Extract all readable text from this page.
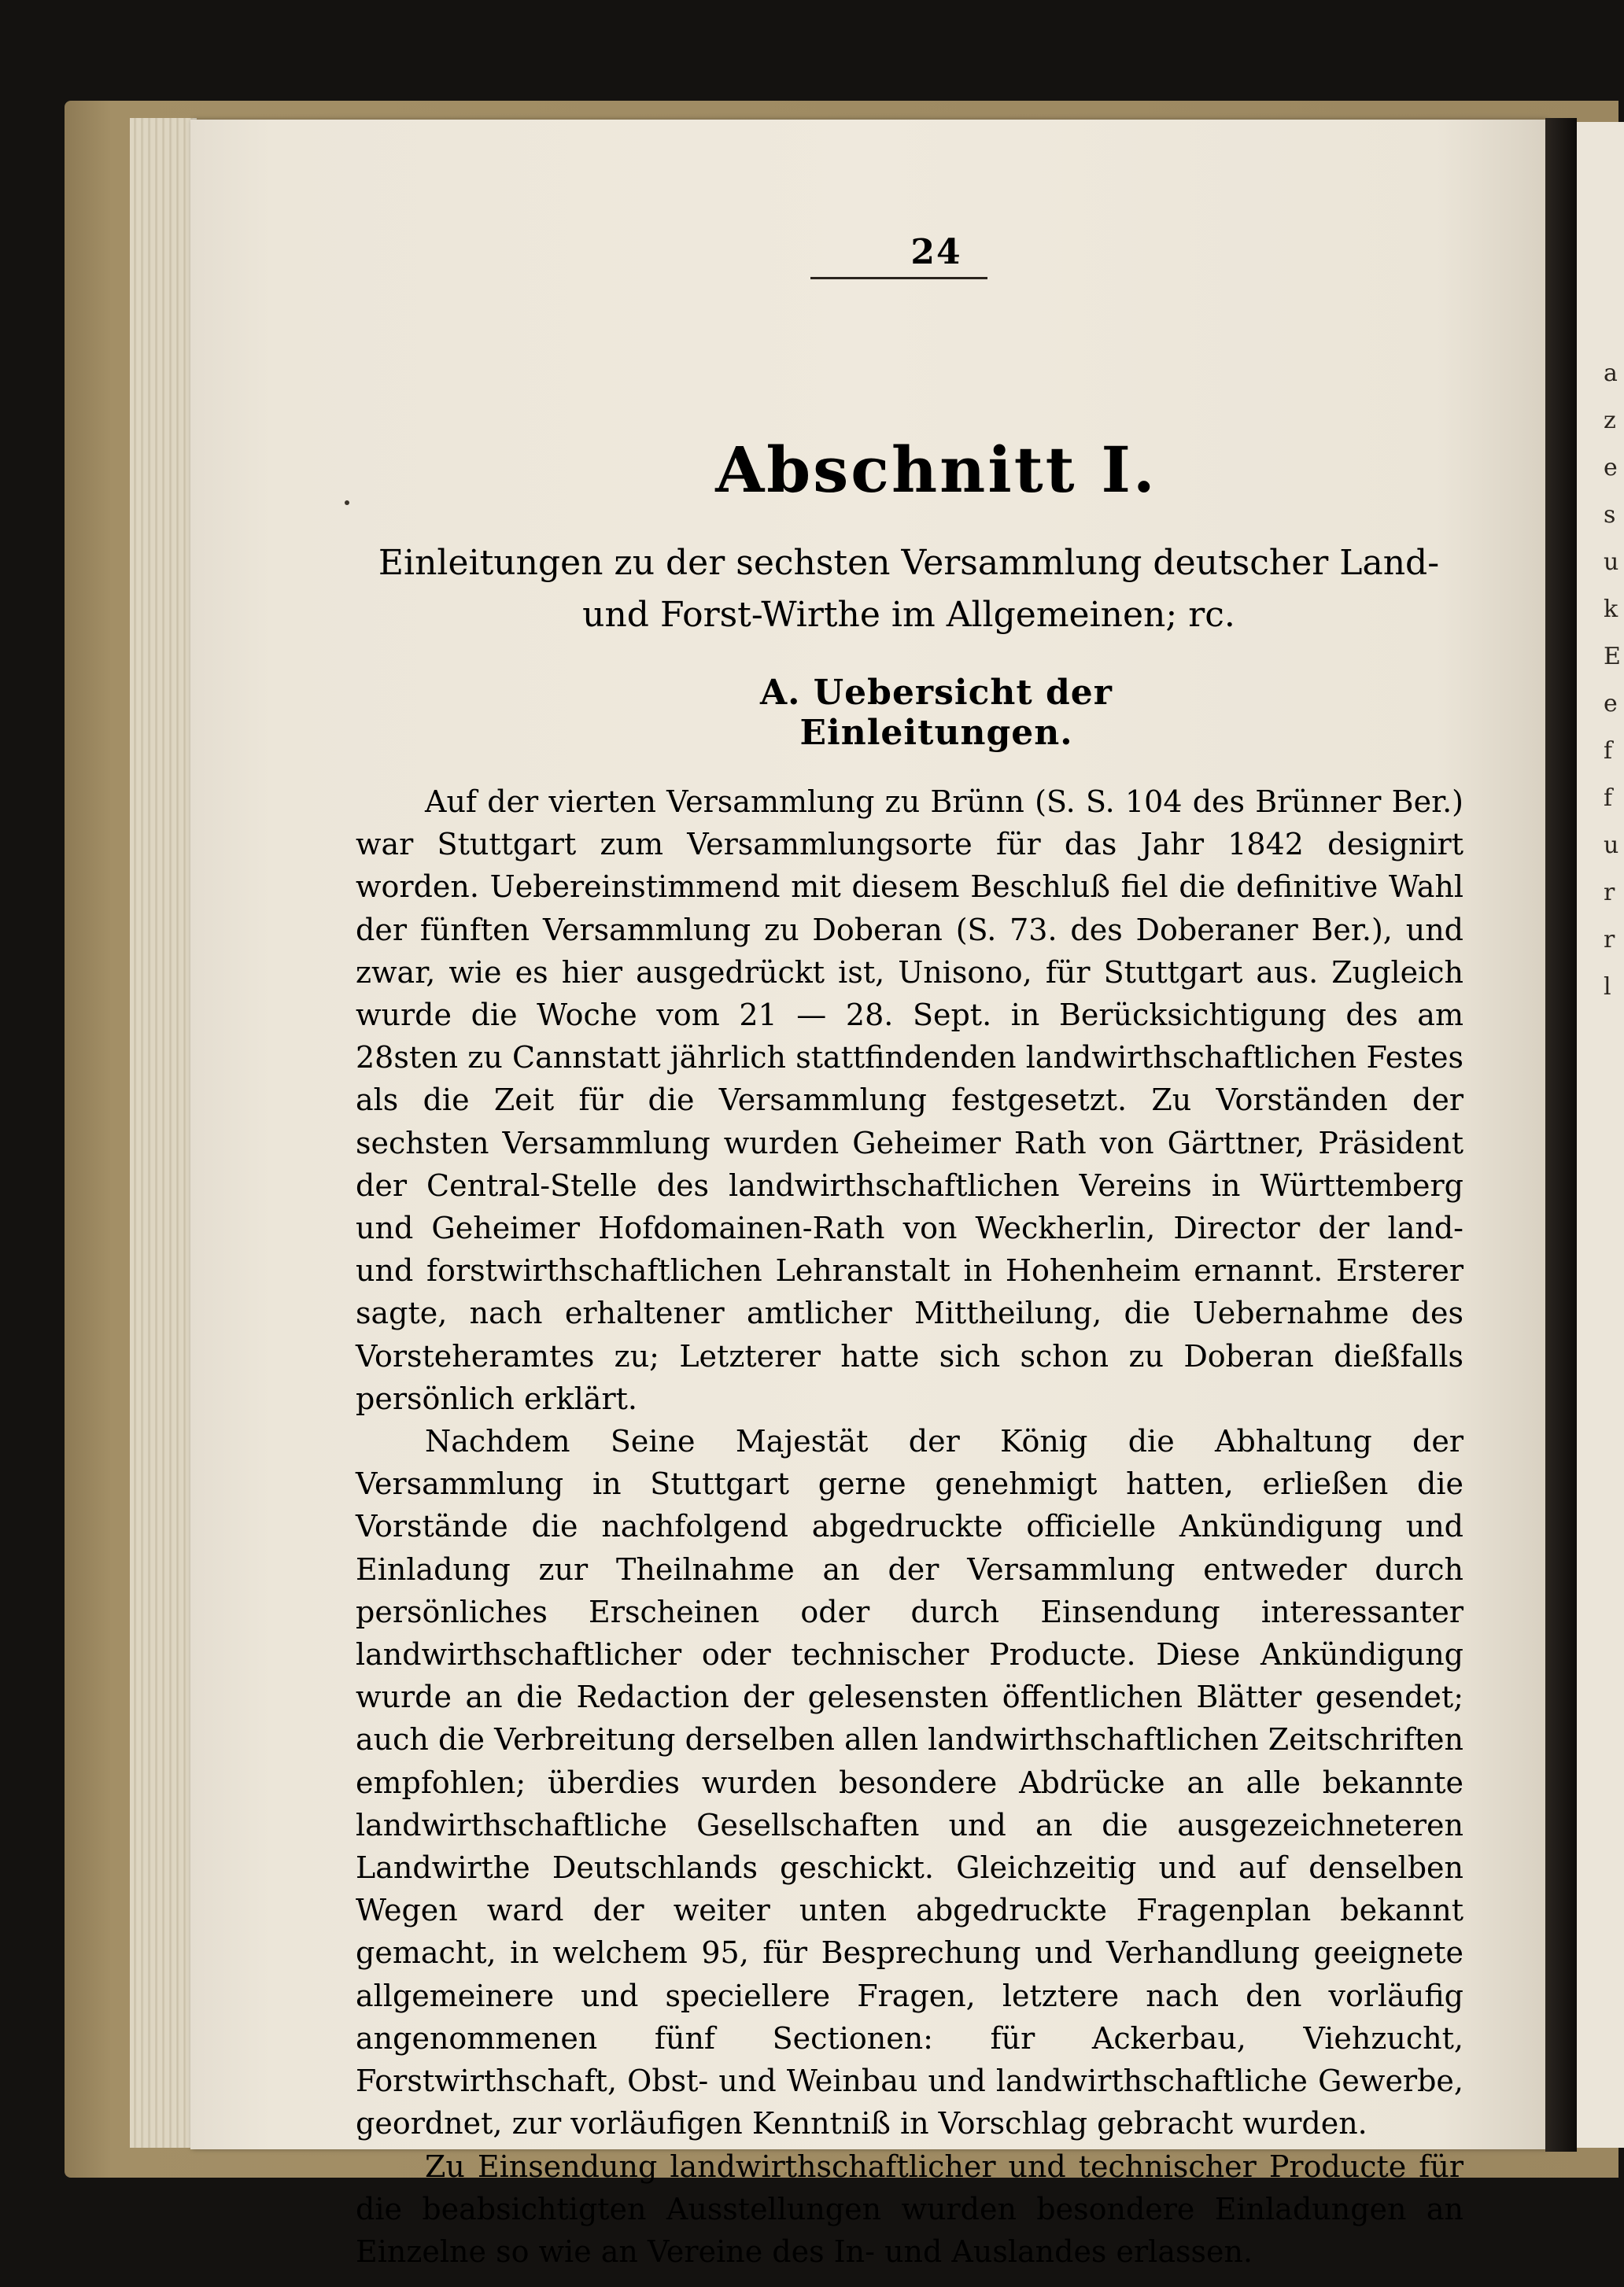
a
z
e
s
u
k
E
e
f
f
u
r
r
l
24
Abschnitt I.
Einleitungen zu der sechsten Versammlung deutscher Land- und Forst-Wirthe im Allgemeinen; rc.
A. Uebersicht der Einleitungen.

Auf der vierten Versammlung zu Brünn (S. S. 104 des Brünner Ber.) war Stuttgart zum Versammlungsorte für das Jahr 1842 designirt worden. Uebereinstimmend mit diesem Beschluß fiel die definitive Wahl der fünften Versammlung zu Doberan (S. 73. des Doberaner Ber.), und zwar, wie es hier ausgedrückt ist, Unisono, für Stuttgart aus. Zugleich wurde die Woche vom 21 — 28. Sept. in Berücksichtigung des am 28sten zu Cannstatt jährlich stattfindenden landwirthschaftlichen Festes als die Zeit für die Versammlung festgesetzt. Zu Vorständen der sechsten Versammlung wurden Geheimer Rath von Gärttner, Präsident der Central-Stelle des landwirthschaftlichen Vereins in Württemberg und Geheimer Hofdomainen-Rath von Weckherlin, Director der land- und forstwirthschaftlichen Lehranstalt in Hohenheim ernannt. Ersterer sagte, nach erhaltener amtlicher Mittheilung, die Uebernahme des Vorsteheramtes zu; Letzterer hatte sich schon zu Doberan dießfalls persönlich erklärt.

Nachdem Seine Majestät der König die Abhaltung der Versammlung in Stuttgart gerne genehmigt hatten, erließen die Vorstände die nachfolgend abgedruckte officielle Ankündigung und Einladung zur Theilnahme an der Versammlung entweder durch persönliches Erscheinen oder durch Einsendung interessanter landwirthschaftlicher oder technischer Producte. Diese Ankündigung wurde an die Redaction der gelesensten öffentlichen Blätter gesendet; auch die Verbreitung derselben allen landwirthschaftlichen Zeitschriften empfohlen; überdies wurden besondere Abdrücke an alle bekannte landwirthschaftliche Gesellschaften und an die ausgezeichneteren Landwirthe Deutschlands geschickt. Gleichzeitig und auf denselben Wegen ward der weiter unten abgedruckte Fragenplan bekannt gemacht, in welchem 95, für Besprechung und Verhandlung geeignete allgemeinere und speciellere Fragen, letztere nach den vorläufig angenommenen fünf Sectionen: für Ackerbau, Viehzucht, Forstwirthschaft, Obst- und Weinbau und landwirthschaftliche Gewerbe, geordnet, zur vorläufigen Kenntniß in Vorschlag gebracht wurden.

Zu Einsendung landwirthschaftlicher und technischer Producte für die beabsichtigten Ausstellungen wurden besondere Einladungen an Einzelne so wie an Vereine des In- und Auslandes erlassen.
